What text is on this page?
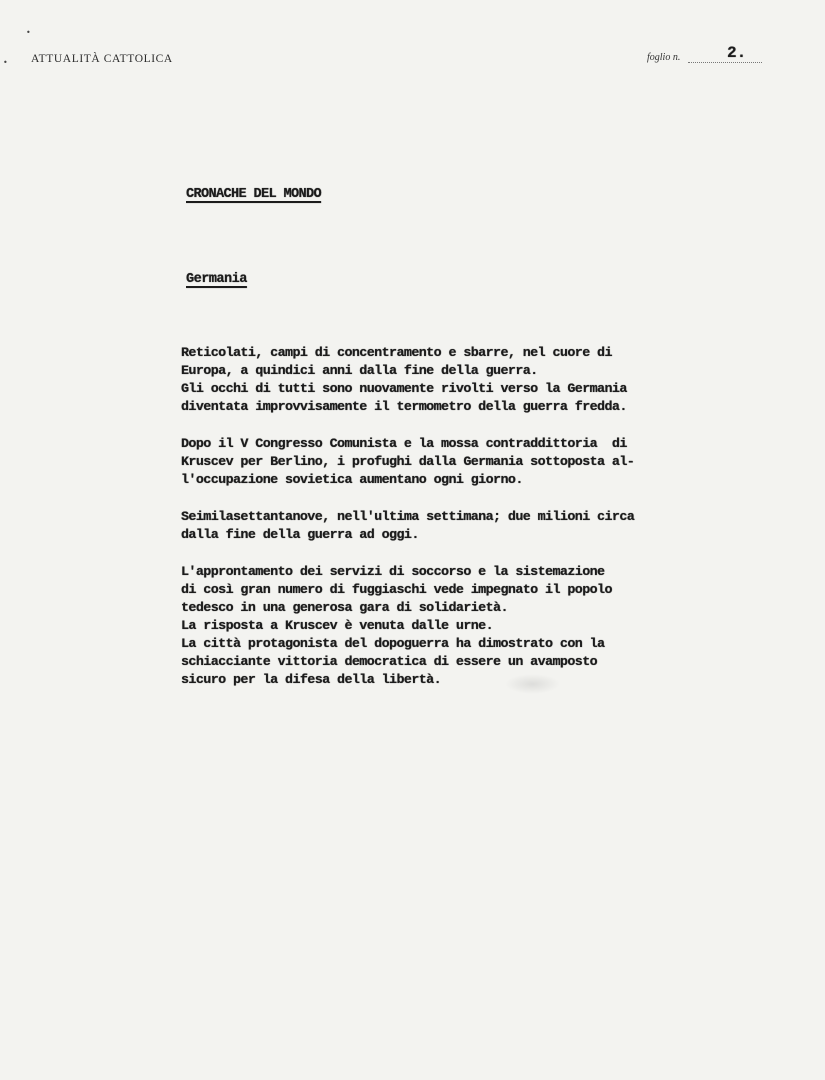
•
• ATTUALITÀ CATTOLICA	foglio n.	2.
CRONACHE DEL MONDO
Germania
Reticolati, campi di concentramento e sbarre, nel cuore di
Europa, a quindici anni dalla fine della guerra.
Gli occhi di tutti sono nuovamente rivolti verso la Germania
diventata improvvisamente il termometro della guerra fredda.
Dopo il V Congresso Comunista e la mossa contraddittoria  di
Kruscev per Berlino, i profughi dalla Germania sottoposta al-
l'occupazione sovietica aumentano ogni giorno.
Seimilasettantanove, nell'ultima settimana; due milioni circa
dalla fine della guerra ad oggi.
L'approntamento dei servizi di soccorso e la sistemazione
di così gran numero di fuggiaschi vede impegnato il popolo
tedesco in una generosa gara di solidarietà.
La risposta a Kruscev è venuta dalle urne.
La città protagonista del dopoguerra ha dimostrato con la
schiacciante vittoria democratica di essere un avamposto
sicuro per la difesa della libertà.
